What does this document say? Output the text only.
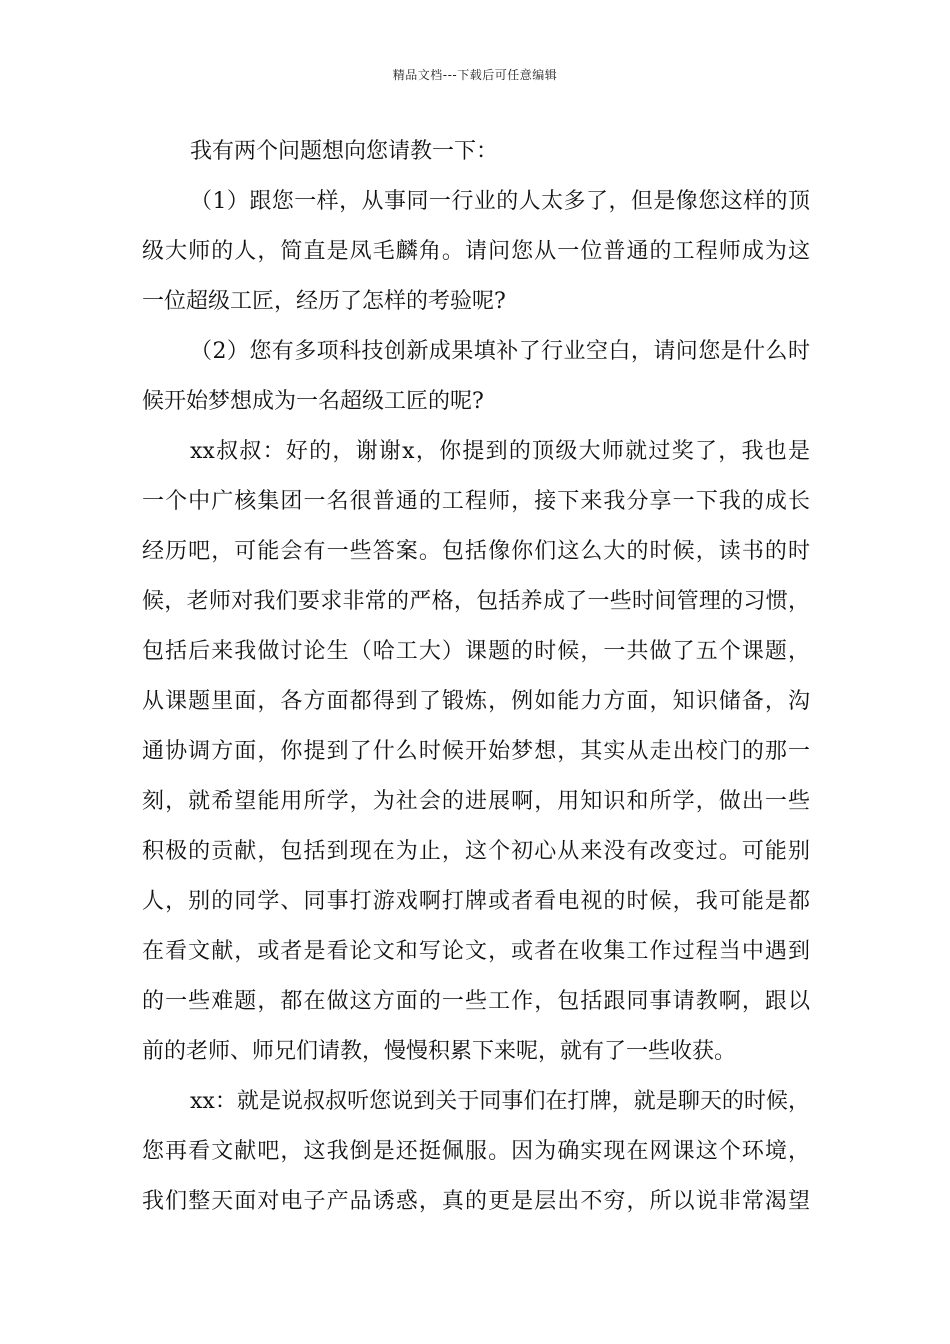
精品文档---下载后可任意编辑
我有两个问题想向您请教一下：
（1）跟您一样，从事同一行业的人太多了，但是像您这样的顶
级大师的人，简直是凤毛麟角。请问您从一位普通的工程师成为这
一位超级工匠，经历了怎样的考验呢?
（2）您有多项科技创新成果填补了行业空白，请问您是什么时
候开始梦想成为一名超级工匠的呢?
xx叔叔：好的，谢谢x，你提到的顶级大师就过奖了，我也是
一个中广核集团一名很普通的工程师，接下来我分享一下我的成长
经历吧，可能会有一些答案。包括像你们这么大的时候，读书的时
候，老师对我们要求非常的严格，包括养成了一些时间管理的习惯，
包括后来我做讨论生（哈工大）课题的时候，一共做了五个课题，
从课题里面，各方面都得到了锻炼，例如能力方面，知识储备，沟
通协调方面，你提到了什么时候开始梦想，其实从走出校门的那一
刻，就希望能用所学，为社会的进展啊，用知识和所学，做出一些
积极的贡献，包括到现在为止，这个初心从来没有改变过。可能别
人，别的同学、同事打游戏啊打牌或者看电视的时候，我可能是都
在看文献，或者是看论文和写论文，或者在收集工作过程当中遇到
的一些难题，都在做这方面的一些工作，包括跟同事请教啊，跟以
前的老师、师兄们请教，慢慢积累下来呢，就有了一些收获。
xx：就是说叔叔听您说到关于同事们在打牌，就是聊天的时候，
您再看文献吧，这我倒是还挺佩服。因为确实现在网课这个环境，
我们整天面对电子产品诱惑，真的更是层出不穷，所以说非常渴望
